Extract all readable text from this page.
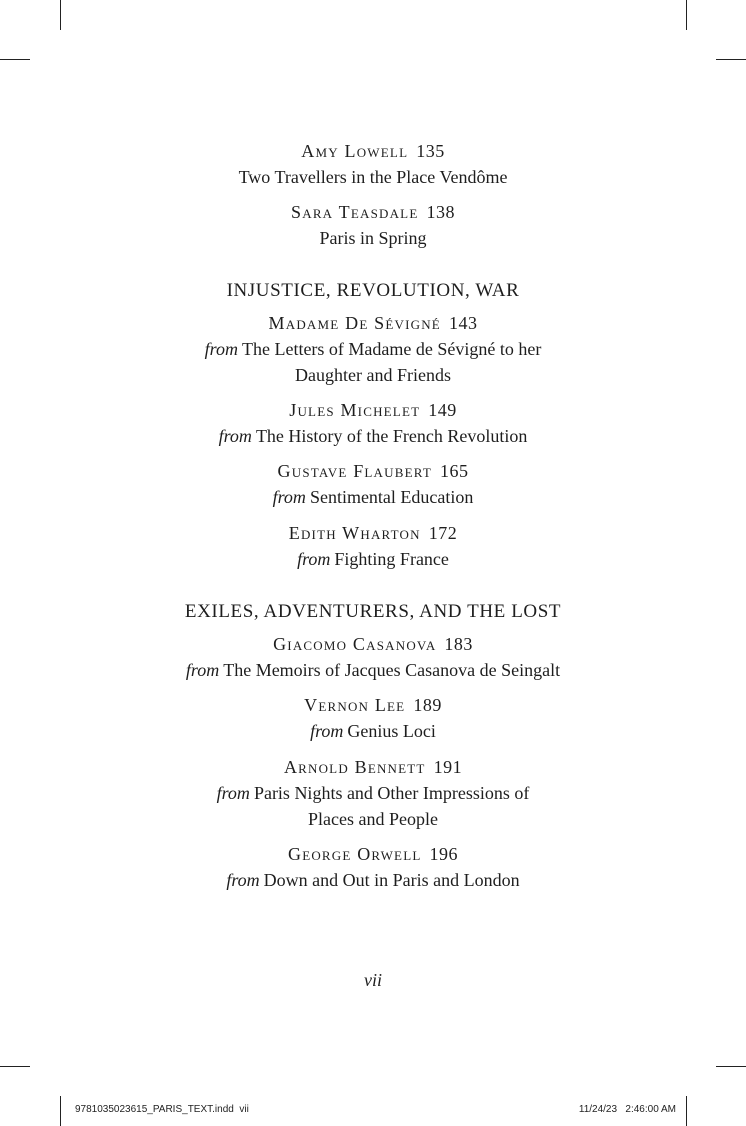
Amy Lowell 135
Two Travellers in the Place Vendôme
Sara Teasdale 138
Paris in Spring
INJUSTICE, REVOLUTION, WAR
Madame De Sévigné 143
from The Letters of Madame de Sévigné to her
Daughter and Friends
Jules Michelet 149
from The History of the French Revolution
Gustave Flaubert 165
from Sentimental Education
Edith Wharton 172
from Fighting France
EXILES, ADVENTURERS, AND THE LOST
Giacomo Casanova 183
from The Memoirs of Jacques Casanova de Seingalt
Vernon Lee 189
from Genius Loci
Arnold Bennett 191
from Paris Nights and Other Impressions of
Places and People
George Orwell 196
from Down and Out in Paris and London
vii
9781035023615_PARIS_TEXT.indd vii	11/24/23 2:46:00 AM
